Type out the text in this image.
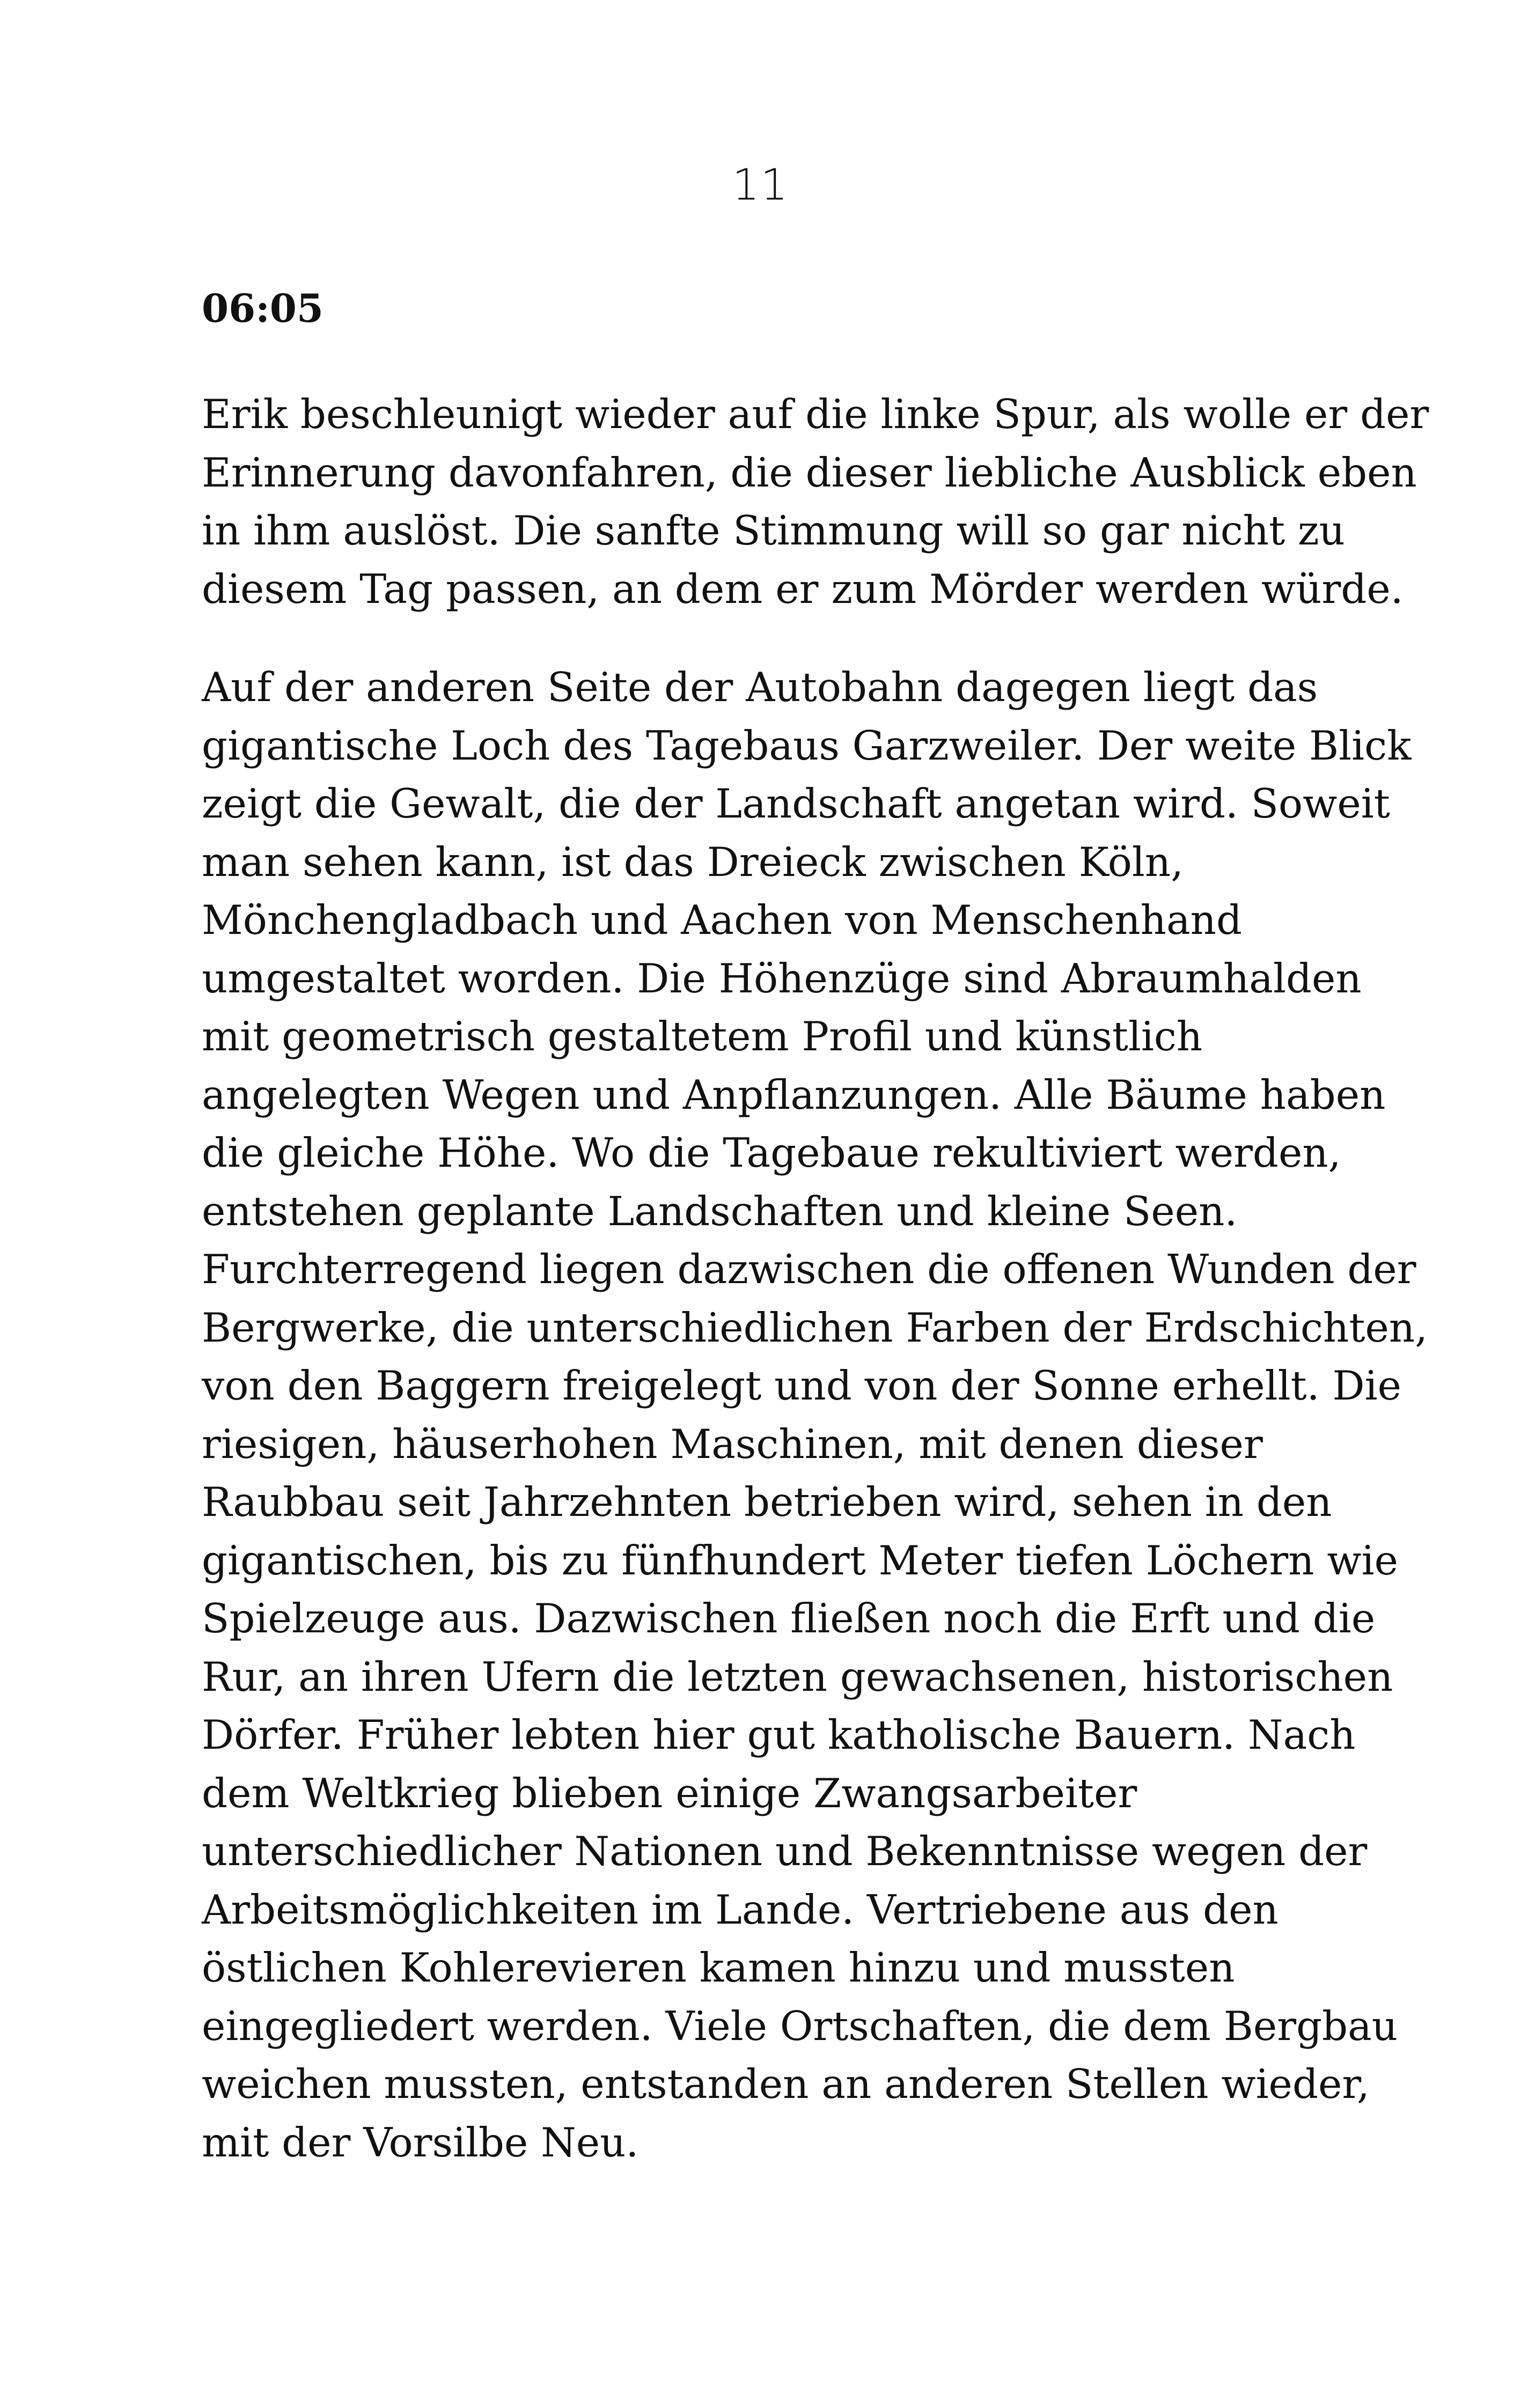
11
06:05
Erik beschleunigt wieder auf die linke Spur, als wolle er der
Erinnerung davonfahren, die dieser liebliche Ausblick eben
in ihm auslöst. Die sanfte Stimmung will so gar nicht zu
diesem Tag passen, an dem er zum Mörder werden würde.
Auf der anderen Seite der Autobahn dagegen liegt das
gigantische Loch des Tagebaus Garzweiler. Der weite Blick
zeigt die Gewalt, die der Landschaft angetan wird. Soweit
man sehen kann, ist das Dreieck zwischen Köln,
Mönchengladbach und Aachen von Menschenhand
umgestaltet worden. Die Höhenzüge sind Abraumhalden
mit geometrisch gestaltetem Profil und künstlich
angelegten Wegen und Anpflanzungen. Alle Bäume haben
die gleiche Höhe. Wo die Tagebaue rekultiviert werden,
entstehen geplante Landschaften und kleine Seen.
Furchterregend liegen dazwischen die offenen Wunden der
Bergwerke, die unterschiedlichen Farben der Erdschichten,
von den Baggern freigelegt und von der Sonne erhellt. Die
riesigen, häuserhohen Maschinen, mit denen dieser
Raubbau seit Jahrzehnten betrieben wird, sehen in den
gigantischen, bis zu fünfhundert Meter tiefen Löchern wie
Spielzeuge aus. Dazwischen fließen noch die Erft und die
Rur, an ihren Ufern die letzten gewachsenen, historischen
Dörfer. Früher lebten hier gut katholische Bauern. Nach
dem Weltkrieg blieben einige Zwangsarbeiter
unterschiedlicher Nationen und Bekenntnisse wegen der
Arbeitsmöglichkeiten im Lande. Vertriebene aus den
östlichen Kohlerevieren kamen hinzu und mussten
eingegliedert werden. Viele Ortschaften, die dem Bergbau
weichen mussten, entstanden an anderen Stellen wieder,
mit der Vorsilbe Neu.
